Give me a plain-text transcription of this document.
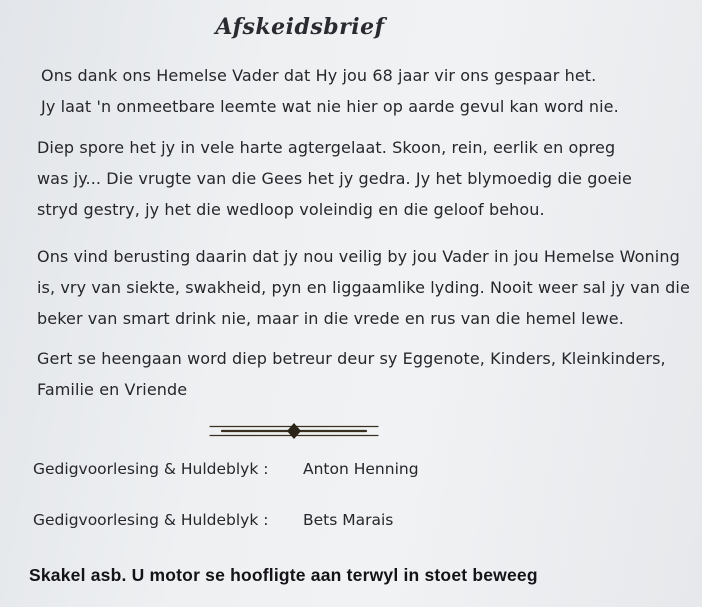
Afskeidsbrief
Ons dank ons Hemelse Vader dat Hy jou 68 jaar vir ons gespaar het.
Jy laat 'n onmeetbare leemte wat nie hier op aarde gevul kan word nie.
Diep spore het jy in vele harte agtergelaat. Skoon, rein, eerlik en opreg
was jy... Die vrugte van die Gees het jy gedra. Jy het blymoedig die goeie
stryd gestry, jy het die wedloop voleindig en die geloof behou.
Ons vind berusting daarin dat jy nou veilig by jou Vader in jou Hemelse Woning
is, vry van siekte, swakheid, pyn en liggaamlike lyding. Nooit weer sal jy van die
beker van smart drink nie, maar in die vrede en rus van die hemel lewe.
Gert se heengaan word diep betreur deur sy Eggenote, Kinders, Kleinkinders,
Familie en Vriende
Gedigvoorlesing & Huldeblyk : Anton Henning
Gedigvoorlesing & Huldeblyk : Bets Marais
Skakel asb. U motor se hoofligte aan terwyl in stoet beweeg
